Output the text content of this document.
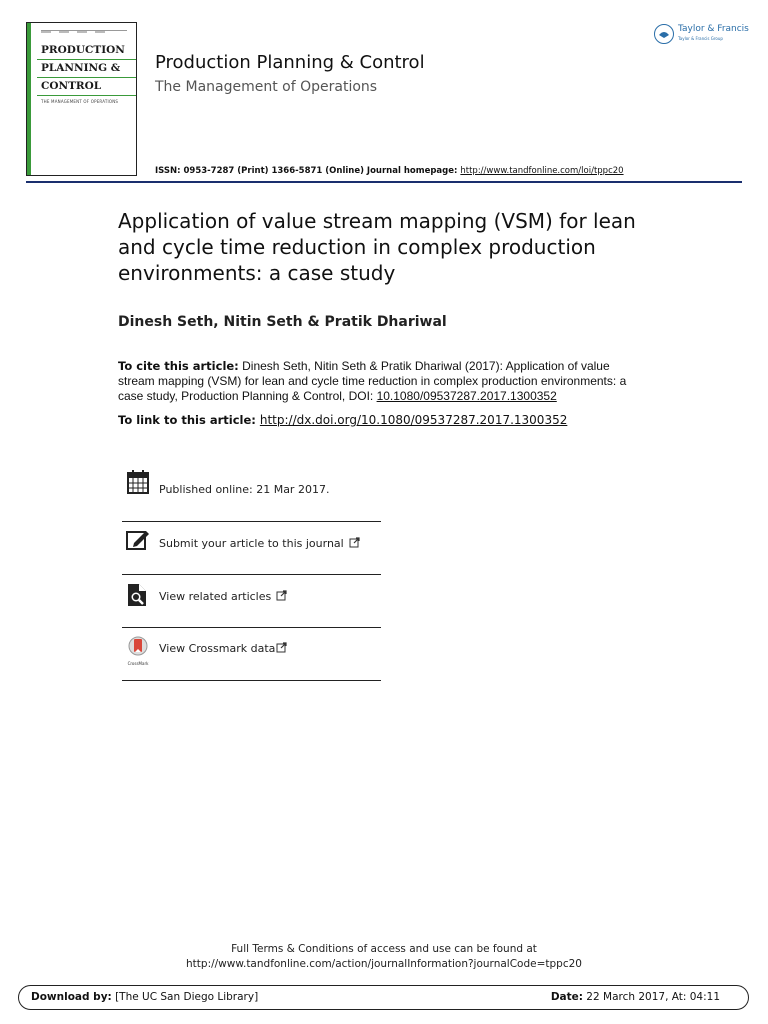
PRODUCTION
PLANNING &
CONTROL
THE MANAGEMENT OF OPERATIONS
Production Planning & Control
The Management of Operations
ISSN: 0953-7287 (Print) 1366-5871 (Online) Journal homepage: http://www.tandfonline.com/loi/tppc20
Taylor & Francis
Taylor & Francis Group
Application of value stream mapping (VSM) for lean and cycle time reduction in complex production environments: a case study
Dinesh Seth, Nitin Seth & Pratik Dhariwal
To cite this article: Dinesh Seth, Nitin Seth & Pratik Dhariwal (2017): Application of value stream mapping (VSM) for lean and cycle time reduction in complex production environments: a case study, Production Planning & Control, DOI: 10.1080/09537287.2017.1300352
To link to this article: http://dx.doi.org/10.1080/09537287.2017.1300352
Published online: 21 Mar 2017.
Submit your article to this journal
View related articles
CrossMark
View Crossmark data
Full Terms & Conditions of access and use can be found at
http://www.tandfonline.com/action/journalInformation?journalCode=tppc20
Download by: [The UC San Diego Library]	Date: 22 March 2017, At: 04:11
